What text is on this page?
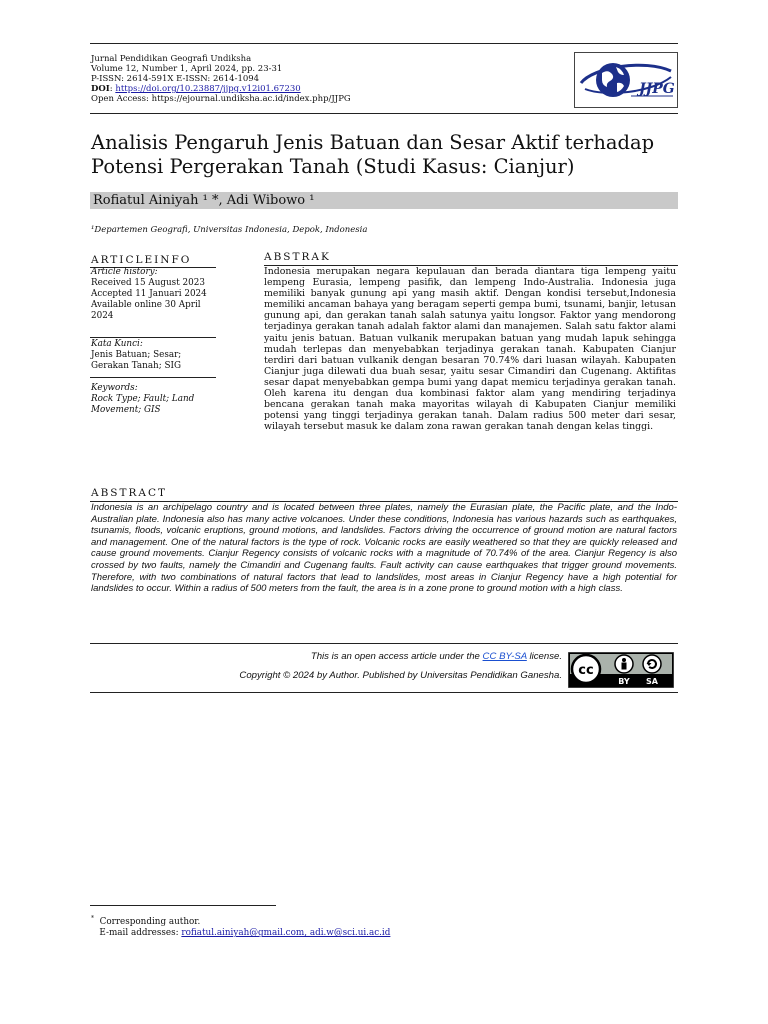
Jurnal Pendidikan Geografi Undiksha
Volume 12, Number 1, April 2024, pp. 23-31
P-ISSN: 2614-591X E-ISSN: 2614-1094
DOI: https://doi.org/10.23887/jjpg.v12i01.67230
Open Access: https://ejournal.undiksha.ac.id/index.php/JJPG
JJPG
Analisis Pengaruh Jenis Batuan dan Sesar Aktif terhadap Potensi Pergerakan Tanah (Studi Kasus: Cianjur)
Rofiatul Ainiyah ¹ *, Adi Wibowo ¹
¹Departemen Geografi, Universitas Indonesia, Depok, Indonesia
ARTICLEINFO
Article history:
Received 15 August 2023
Accepted 11 Januari 2024
Available online 30 April 2024
Kata Kunci:
Jenis Batuan; Sesar; Gerakan Tanah; SIG
Keywords:
Rock Type; Fault; Land Movement; GIS
ABSTRAK
Indonesia merupakan negara kepulauan dan berada diantara tiga lempeng yaitu lempeng Eurasia, lempeng pasifik, dan lempeng Indo-Australia. Indonesia juga memiliki banyak gunung api yang masih aktif. Dengan kondisi tersebut,Indonesia memiliki ancaman bahaya yang beragam seperti gempa bumi, tsunami, banjir, letusan gunung api, dan gerakan tanah salah satunya yaitu longsor. Faktor yang mendorong terjadinya gerakan tanah adalah faktor alami dan manajemen. Salah satu faktor alami yaitu jenis batuan. Batuan vulkanik merupakan batuan yang mudah lapuk sehingga mudah terlepas dan menyebabkan terjadinya gerakan tanah. Kabupaten Cianjur terdiri dari batuan vulkanik dengan besaran 70.74% dari luasan wilayah. Kabupaten Cianjur juga dilewati dua buah sesar, yaitu sesar Cimandiri dan Cugenang. Aktifitas sesar dapat menyebabkan gempa bumi yang dapat memicu terjadinya gerakan tanah. Oleh karena itu dengan dua kombinasi faktor alam yang mendiring terjadinya bencana gerakan tanah maka mayoritas wilayah di Kabupaten Cianjur memiliki potensi yang tinggi terjadinya gerakan tanah. Dalam radius 500 meter dari sesar, wilayah tersebut masuk ke dalam zona rawan gerakan tanah dengan kelas tinggi.
ABSTRACT
Indonesia is an archipelago country and is located between three plates, namely the Eurasian plate, the Pacific plate, and the Indo-Australian plate. Indonesia also has many active volcanoes. Under these conditions, Indonesia has various hazards such as earthquakes, tsunamis, floods, volcanic eruptions, ground motions, and landslides. Factors driving the occurrence of ground motion are natural factors and management. One of the natural factors is the type of rock. Volcanic rocks are easily weathered so that they are quickly released and cause ground movements. Cianjur Regency consists of volcanic rocks with a magnitude of 70.74% of the area. Cianjur Regency is also crossed by two faults, namely the Cimandiri and Cugenang faults. Fault activity can cause earthquakes that trigger ground movements. Therefore, with two combinations of natural factors that lead to landslides, most areas in Cianjur Regency have a high potential for landslides to occur. Within a radius of 500 meters from the fault, the area is in a zone prone to ground motion with a high class.
This is an open access article under the CC BY-SA license.
Copyright © 2024 by Author. Published by Universitas Pendidikan Ganesha. cc
BY SA
* Corresponding author.
E-mail addresses: rofiatul.ainiyah@gmail.com, adi.w@sci.ui.ac.id
